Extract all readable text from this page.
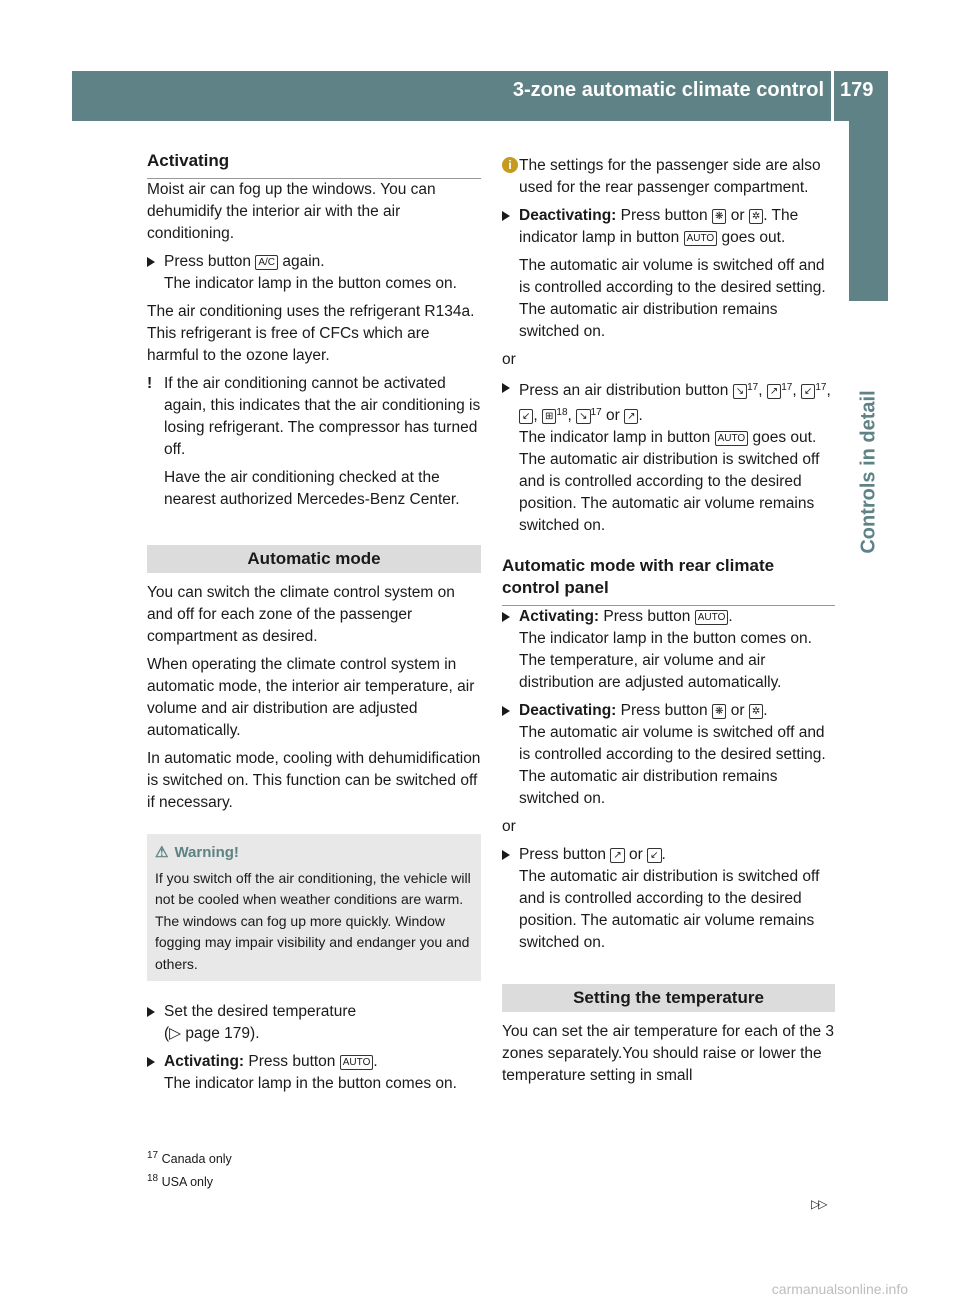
3-zone automatic climate control 179
Controls in detail

Activating

Moist air can fog up the windows. You can dehumidify the interior air with the air conditioning.

Press button A/C again.
The indicator lamp in the button comes on.

The air conditioning uses the refrigerant R134a. This refrigerant is free of CFCs which are harmful to the ozone layer.

! If the air conditioning cannot be activated again, this indicates that the air conditioning is losing refrigerant. The compressor has turned off.

Have the air conditioning checked at the nearest authorized Mercedes-Benz Center.

Automatic mode

You can switch the climate control system on and off for each zone of the passenger compartment as desired.

When operating the climate control system in automatic mode, the interior air temperature, air volume and air distribution are adjusted automatically.

In automatic mode, cooling with dehumidification is switched on. This function can be switched off if necessary.

⚠ Warning!
If you switch off the air conditioning, the vehicle will not be cooled when weather conditions are warm. The windows can fog up more quickly. Window fogging may impair visibility and endanger you and others.
Set the desired temperature
(▷ page 179).
Activating: Press button AUTO .
The indicator lamp in the button comes on.
i The settings for the passenger side are also used for the rear passenger compartment.

Deactivating: Press button ❋ or ✲ . The indicator lamp in button AUTO goes out.

The automatic air volume is switched off and is controlled according to the desired setting. The automatic air distribution remains switched on.

or

Press an air distribution button ↘ $^{17}$, ↗ $^{17}$, ↙ $^{17}$, ↙ , ⊞ $^{18}$, ↘ $^{17}$ or ↗ .
The indicator lamp in button AUTO goes out. The automatic air distribution is switched off and is controlled according to the desired position. The automatic air volume remains switched on.

Automatic mode with rear climate control panel

Activating: Press button AUTO .
The indicator lamp in the button comes on. The temperature, air volume and air distribution are adjusted automatically.
Deactivating: Press button ❋ or ✲ .
The automatic air volume is switched off and is controlled according to the desired setting. The automatic air distribution remains switched on.

or

Press button ↗ or ↙ .
The automatic air distribution is switched off and is controlled according to the desired position. The automatic air volume remains switched on.
Setting the temperature

You can set the air temperature for each of the 3 zones separately.You should raise or lower the temperature setting in small

$^{17}$ Canada only
$^{18}$ USA only
▷▷
carmanualsonline.info
